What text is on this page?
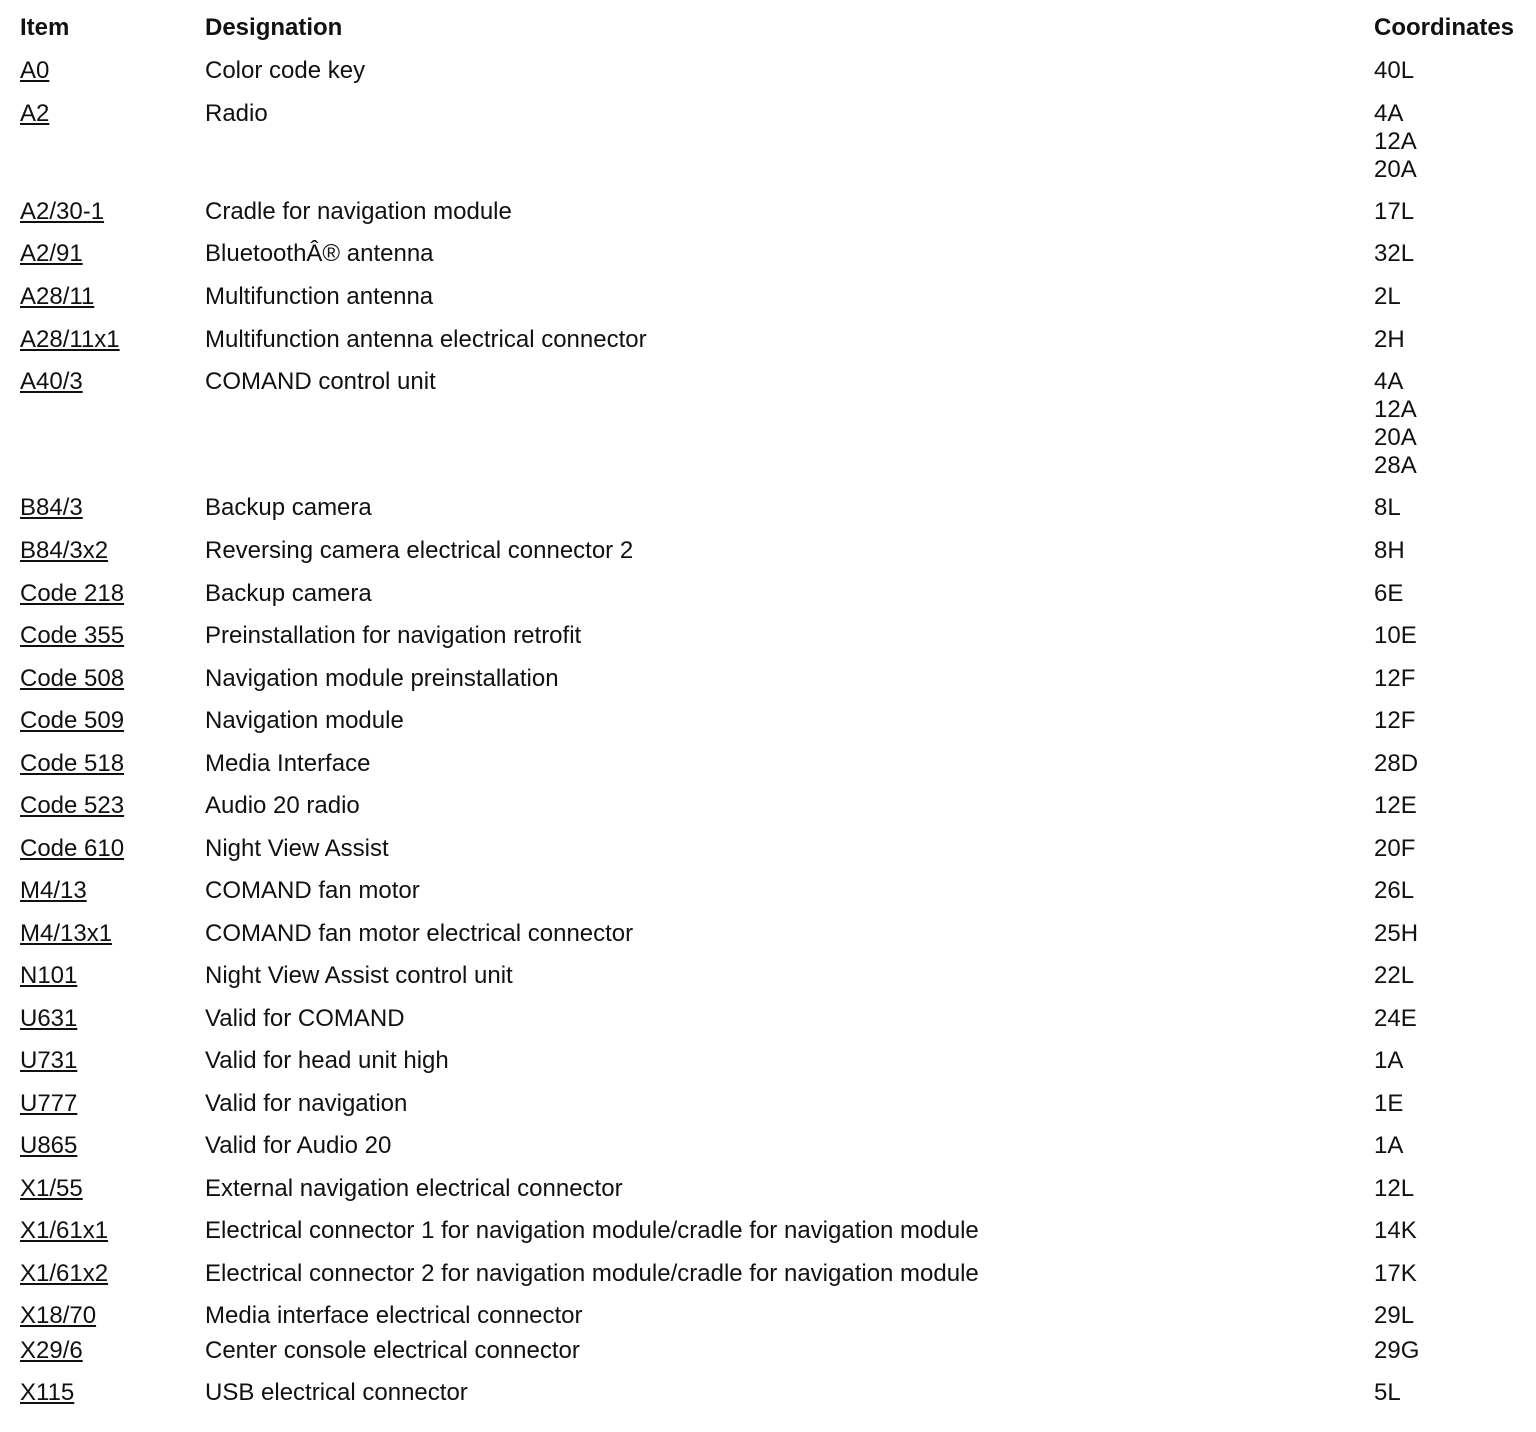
Item	Designation	Coordinates
A0	Color code key	40L
A2	Radio	4A
12A
20A
A2/30-1	Cradle for navigation module	17L
A2/91	BluetoothÂ® antenna	32L
A28/11	Multifunction antenna	2L
A28/11x1	Multifunction antenna electrical connector	2H
A40/3	COMAND control unit	4A
12A
20A
28A
B84/3	Backup camera	8L
B84/3x2	Reversing camera electrical connector 2	8H
Code 218	Backup camera	6E
Code 355	Preinstallation for navigation retrofit	10E
Code 508	Navigation module preinstallation	12F
Code 509	Navigation module	12F
Code 518	Media Interface	28D
Code 523	Audio 20 radio	12E
Code 610	Night View Assist	20F
M4/13	COMAND fan motor	26L
M4/13x1	COMAND fan motor electrical connector	25H
N101	Night View Assist control unit	22L
U631	Valid for COMAND	24E
U731	Valid for head unit high	1A
U777	Valid for navigation	1E
U865	Valid for Audio 20	1A
X1/55	External navigation electrical connector	12L
X1/61x1	Electrical connector 1 for navigation module/cradle for navigation module	14K
X1/61x2	Electrical connector 2 for navigation module/cradle for navigation module	17K
X18/70	Media interface electrical connector	29L
X29/6	Center console electrical connector	29G
X115	USB electrical connector	5L
